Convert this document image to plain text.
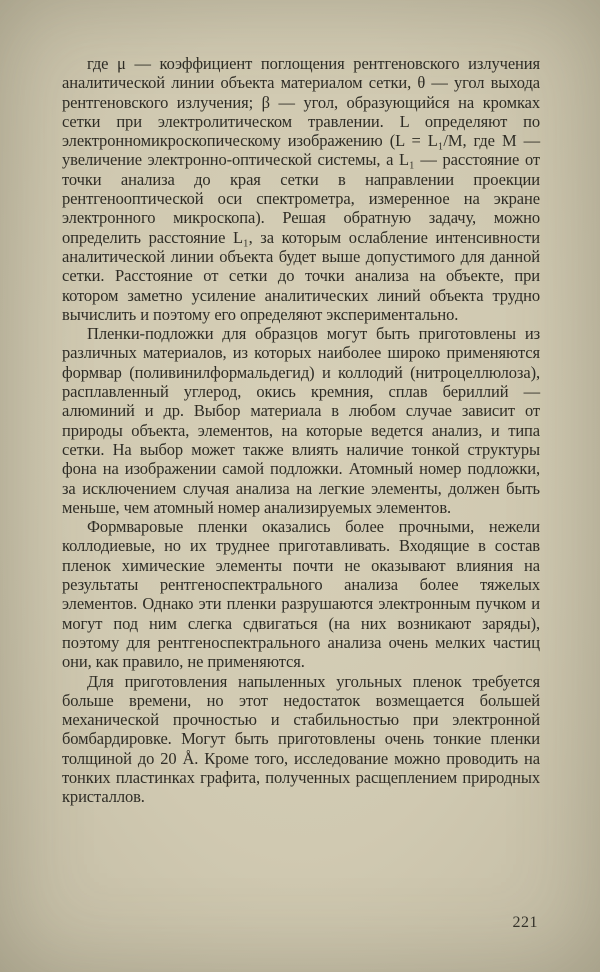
где μ — коэффициент поглощения рентгеновского излучения аналитической линии объекта материалом сетки, θ — угол выхода рентгеновского излучения; β — угол, образующийся на кромках сетки при электролитическом травлении. L определяют по электронномикроскопическому изображению (L = L₁/M, где M — увеличение электронно-оптической системы, а L₁ — расстояние от точки анализа до края сетки в направлении проекции рентгенооптической оси спектрометра, измеренное на экране электронного микроскопа). Решая обратную задачу, можно определить расстояние L₁, за которым ослабление интенсивности аналитической линии объекта будет выше допустимого для данной сетки. Расстояние от сетки до точки анализа на объекте, при котором заметно усиление аналитических линий объекта трудно вычислить и поэтому его определяют экспериментально.

Пленки-подложки для образцов могут быть приготовлены из различных материалов, из которых наиболее широко применяются формвар (поливинилформальдегид) и коллодий (нитроцеллюлоза), расплавленный углерод, окись кремния, сплав бериллий — алюминий и др. Выбор материала в любом случае зависит от природы объекта, элементов, на которые ведется анализ, и типа сетки. На выбор может также влиять наличие тонкой структуры фона на изображении самой подложки. Атомный номер подложки, за исключением случая анализа на легкие элементы, должен быть меньше, чем атомный номер анализируемых элементов.

Формваровые пленки оказались более прочными, нежели коллодиевые, но их труднее приготавливать. Входящие в состав пленок химические элементы почти не оказывают влияния на результаты рентгеноспектрального анализа более тяжелых элементов. Однако эти пленки разрушаются электронным пучком и могут под ним слегка сдвигаться (на них возникают заряды), поэтому для рентгеноспектрального анализа очень мелких частиц они, как правило, не применяются.

Для приготовления напыленных угольных пленок требуется больше времени, но этот недостаток возмещается большей механической прочностью и стабильностью при электронной бомбардировке. Могут быть приготовлены очень тонкие пленки толщиной до 20 Å. Кроме того, исследование можно проводить на тонких пластинках графита, полученных расщеплением природных кристаллов.

221
